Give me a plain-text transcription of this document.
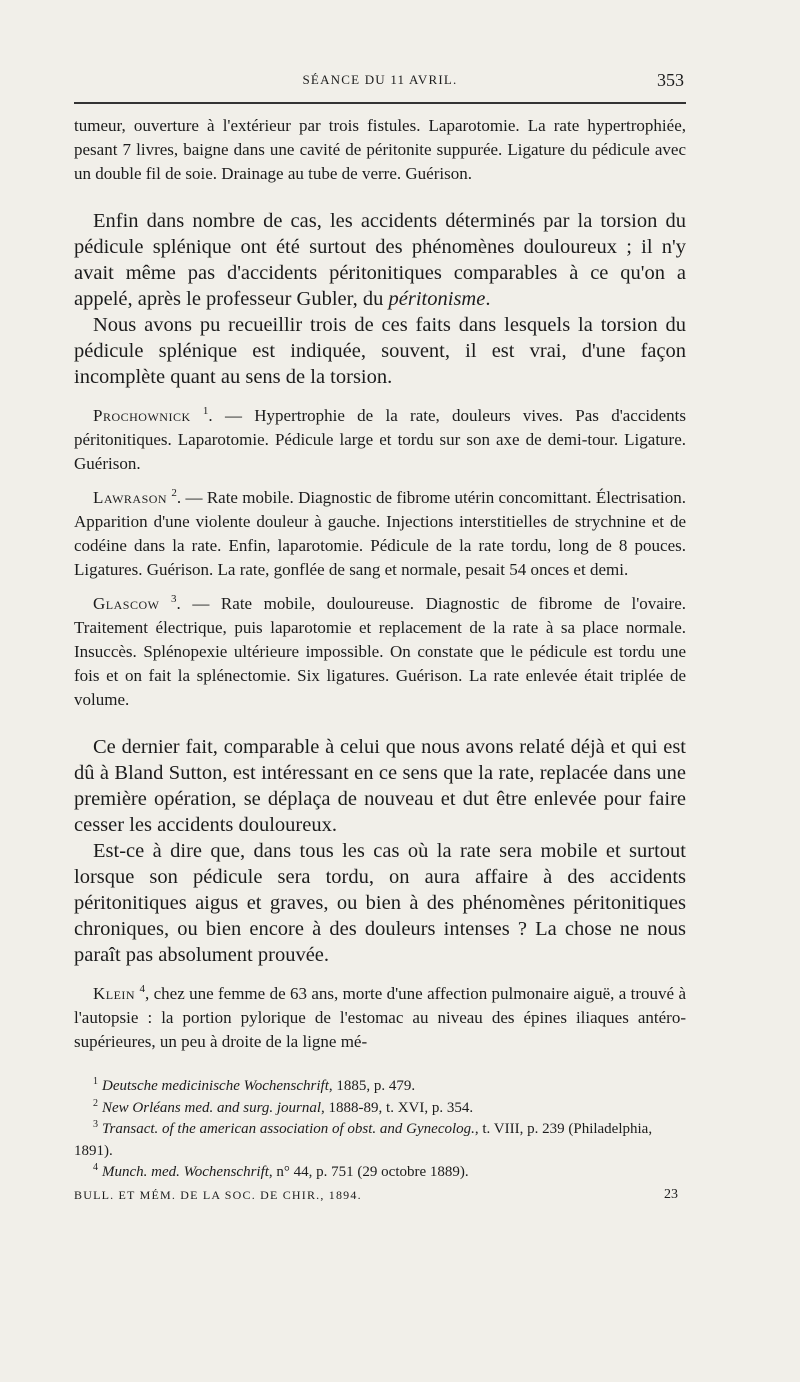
SÉANCE DU 11 AVRIL.	353

tumeur, ouverture à l'extérieur par trois fistules. Laparotomie. La rate hypertrophiée, pesant 7 livres, baigne dans une cavité de péritonite suppurée. Ligature du pédicule avec un double fil de soie. Drainage au tube de verre. Guérison.

Enfin dans nombre de cas, les accidents déterminés par la torsion du pédicule splénique ont été surtout des phénomènes douloureux ; il n'y avait même pas d'accidents péritonitiques comparables à ce qu'on a appelé, après le professeur Gubler, du péritonisme.

Nous avons pu recueillir trois de ces faits dans lesquels la torsion du pédicule splénique est indiquée, souvent, il est vrai, d'une façon incomplète quant au sens de la torsion.

Prochownick $^1$. — Hypertrophie de la rate, douleurs vives. Pas d'accidents péritonitiques. Laparotomie. Pédicule large et tordu sur son axe de demi-tour. Ligature. Guérison.

Lawrason $^2$. — Rate mobile. Diagnostic de fibrome utérin concomittant. Électrisation. Apparition d'une violente douleur à gauche. Injections interstitielles de strychnine et de codéine dans la rate. Enfin, laparotomie. Pédicule de la rate tordu, long de 8 pouces. Ligatures. Guérison. La rate, gonflée de sang et normale, pesait 54 onces et demi.

Glascow $^3$. — Rate mobile, douloureuse. Diagnostic de fibrome de l'ovaire. Traitement électrique, puis laparotomie et replacement de la rate à sa place normale. Insuccès. Splénopexie ultérieure impossible. On constate que le pédicule est tordu une fois et on fait la splénectomie. Six ligatures. Guérison. La rate enlevée était triplée de volume.

Ce dernier fait, comparable à celui que nous avons relaté déjà et qui est dû à Bland Sutton, est intéressant en ce sens que la rate, replacée dans une première opération, se déplaça de nouveau et dut être enlevée pour faire cesser les accidents douloureux.

Est-ce à dire que, dans tous les cas où la rate sera mobile et surtout lorsque son pédicule sera tordu, on aura affaire à des accidents péritonitiques aigus et graves, ou bien à des phénomènes péritonitiques chroniques, ou bien encore à des douleurs intenses ? La chose ne nous paraît pas absolument prouvée.

Klein $^4$, chez une femme de 63 ans, morte d'une affection pulmonaire aiguë, a trouvé à l'autopsie : la portion pylorique de l'estomac au niveau des épines iliaques antéro-supérieures, un peu à droite de la ligne mé-

$^1$ Deutsche medicinische Wochenschrift, 1885, p. 479.
$^2$ New Orléans med. and surg. journal, 1888-89, t. XVI, p. 354.
$^3$ Transact. of the american association of obst. and Gynecolog., t. VIII, p. 239 (Philadelphia, 1891).
$^4$ Munch. med. Wochenschrift, n° 44, p. 751 (29 octobre 1889).
BULL. ET MÉM. DE LA SOC. DE CHIR., 1894.	23
